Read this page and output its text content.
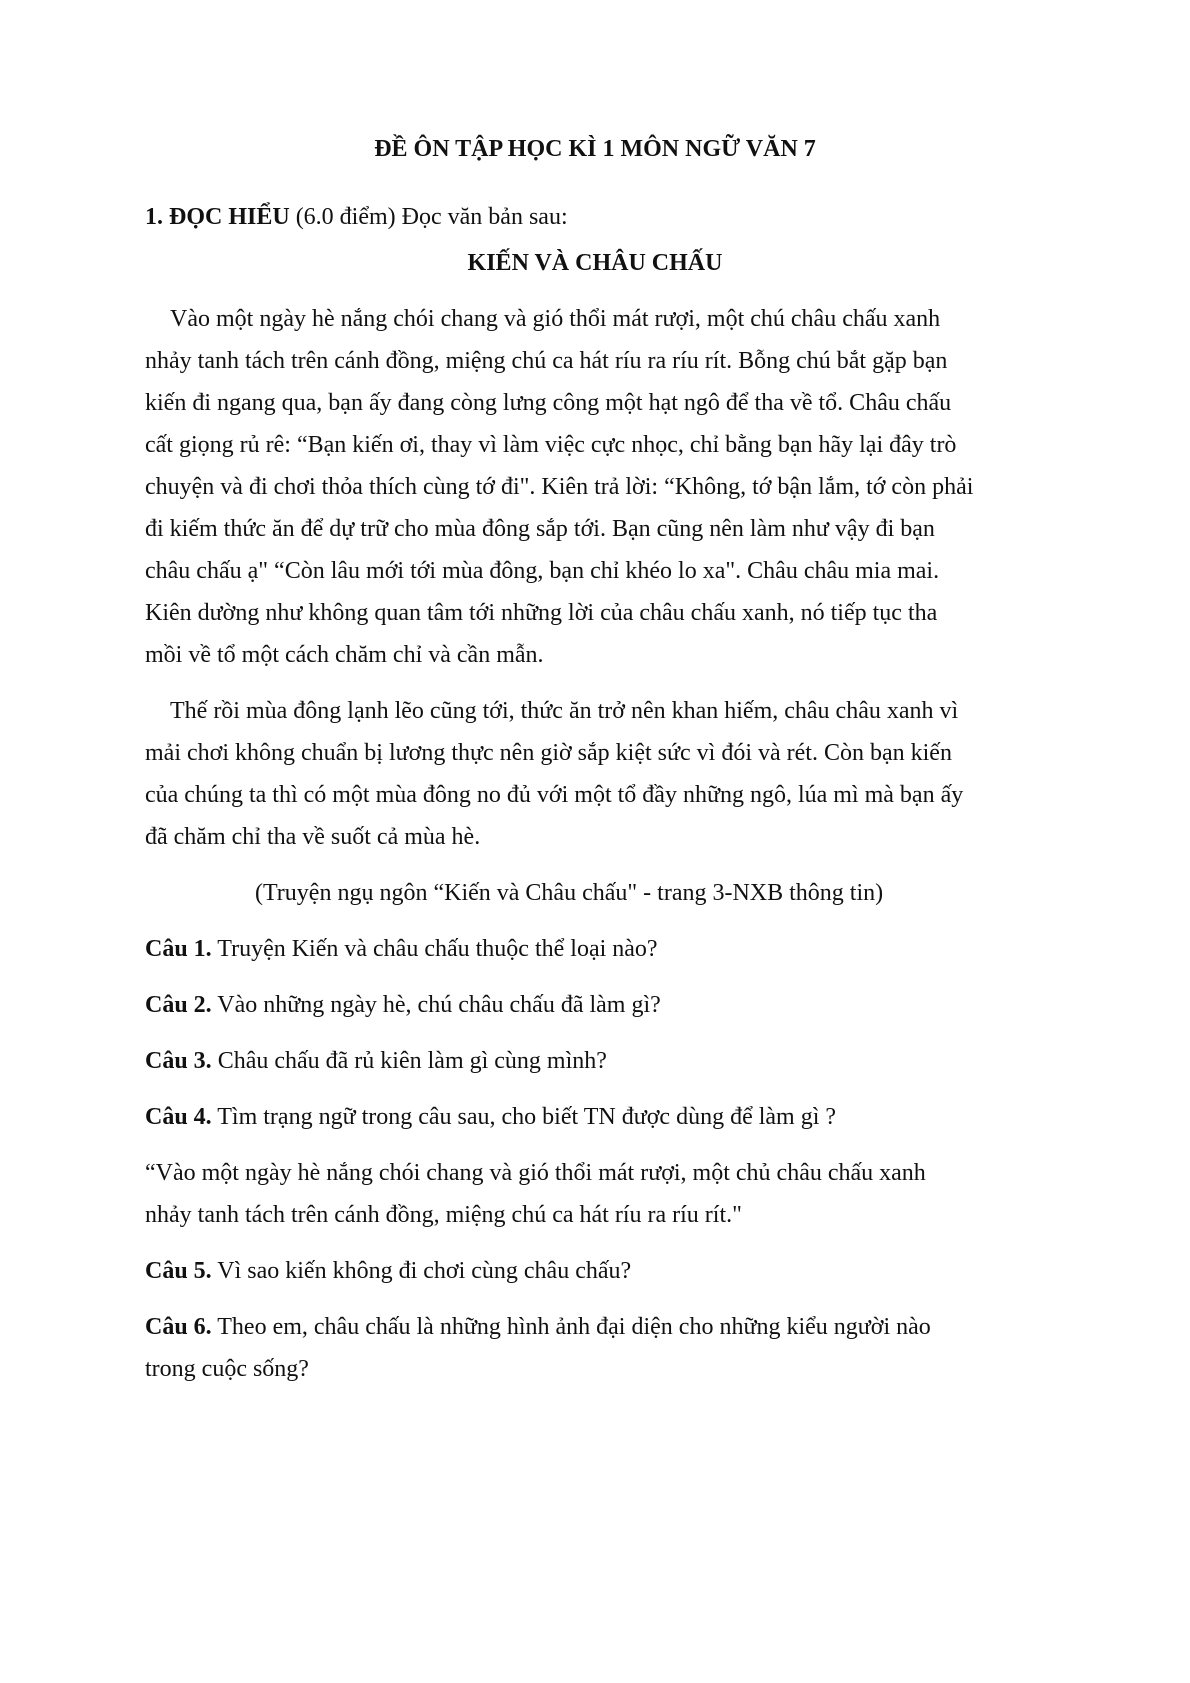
ĐỀ ÔN TẬP HỌC KÌ 1 MÔN NGỮ VĂN 7
1. ĐỌC HIỂU (6.0 điểm) Đọc văn bản sau:
KIẾN VÀ CHÂU CHẤU
Vào một ngày hè nắng chói chang và gió thổi mát rượi, một chú châu chấu xanh
nhảy tanh tách trên cánh đồng, miệng chú ca hát ríu ra ríu rít. Bỗng chú bắt gặp bạn
kiến đi ngang qua, bạn ấy đang còng lưng công một hạt ngô để tha về tổ. Châu chấu
cất giọng rủ rê: “Bạn kiến ơi, thay vì làm việc cực nhọc, chỉ bằng bạn hãy lại đây trò
chuyện và đi chơi thỏa thích cùng tớ đi". Kiên trả lời: “Không, tớ bận lắm, tớ còn phải
đi kiếm thức ăn để dự trữ cho mùa đông sắp tới. Bạn cũng nên làm như vậy đi bạn
châu chấu ạ" “Còn lâu mới tới mùa đông, bạn chỉ khéo lo xa". Châu châu mia mai.
Kiên dường như không quan tâm tới những lời của châu chấu xanh, nó tiếp tục tha
mồi về tổ một cách chăm chỉ và cần mẫn.
Thế rồi mùa đông lạnh lẽo cũng tới, thức ăn trở nên khan hiếm, châu châu xanh vì
mải chơi không chuẩn bị lương thực nên giờ sắp kiệt sức vì đói và rét. Còn bạn kiến
của chúng ta thì có một mùa đông no đủ với một tổ đầy những ngô, lúa mì mà bạn ấy
đã chăm chỉ tha về suốt cả mùa hè.
(Truyện ngụ ngôn “Kiến và Châu chấu" - trang 3-NXB thông tin)
Câu 1. Truyện Kiến và châu chấu thuộc thể loại nào?
Câu 2. Vào những ngày hè, chú châu chấu đã làm gì?
Câu 3. Châu chấu đã rủ kiên làm gì cùng mình?
Câu 4. Tìm trạng ngữ trong câu sau, cho biết TN được dùng để làm gì ?
“Vào một ngày hè nắng chói chang và gió thổi mát rượi, một chủ châu chấu xanh
nhảy tanh tách trên cánh đồng, miệng chú ca hát ríu ra ríu rít."
Câu 5. Vì sao kiến không đi chơi cùng châu chấu?
Câu 6. Theo em, châu chấu là những hình ảnh đại diện cho những kiểu người nào
trong cuộc sống?
